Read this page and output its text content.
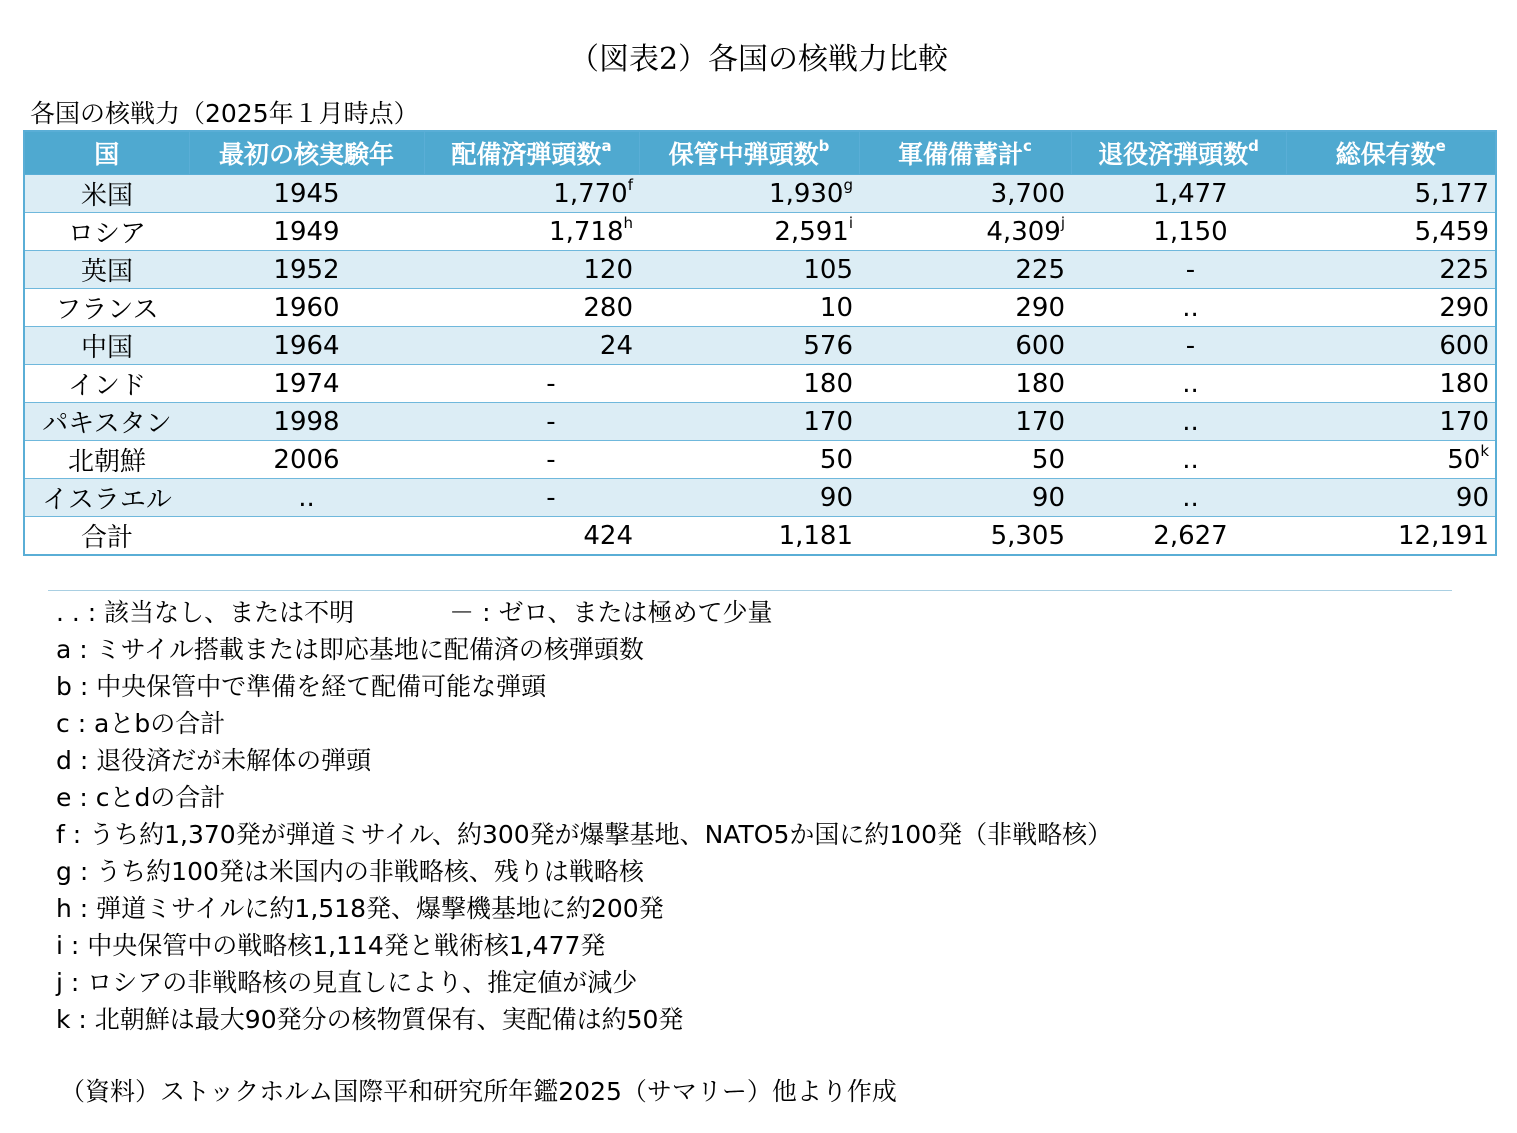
（図表2）各国の核戦力比較
各国の核戦力（2025年１月時点）
国	最初の核実験年	配備済弾頭数$^a$	保管中弾頭数$^b$	軍備備蓄計$^c$	退役済弾頭数$^d$	総保有数$^e$
米国	1945	1,770$^f$	1,930$^g$	3,700	1,477	5,177
ロシア	1949	1,718$^h$	2,591$^i$	4,309$^j$	1,150	5,459
英国	1952	120	105	225	-	225
フランス	1960	280	10	290	..	290
中国	1964	24	576	600	-	600
インド	1974	-	180	180	..	180
パキスタン	1998	-	170	170	..	170
北朝鮮	2006	-	50	50	..	50$^k$
イスラエル	..	-	90	90	..	90
合計		424	1,181	5,305	2,627	12,191
. . : 該当なし、または不明	－ : ゼロ、または極めて少量
a : ミサイル搭載または即応基地に配備済の核弾頭数
b : 中央保管中で準備を経て配備可能な弾頭
c : aとbの合計
d : 退役済だが未解体の弾頭
e : cとdの合計
f : うち約1,370発が弾道ミサイル、約300発が爆撃基地、NATO5か国に約100発（非戦略核）
g : うち約100発は米国内の非戦略核、残りは戦略核
h : 弾道ミサイルに約1,518発、爆撃機基地に約200発
i : 中央保管中の戦略核1,114発と戦術核1,477発
j : ロシアの非戦略核の見直しにより、推定値が減少
k : 北朝鮮は最大90発分の核物質保有、実配備は約50発
（資料）ストックホルム国際平和研究所年鑑2025（サマリー）他より作成
